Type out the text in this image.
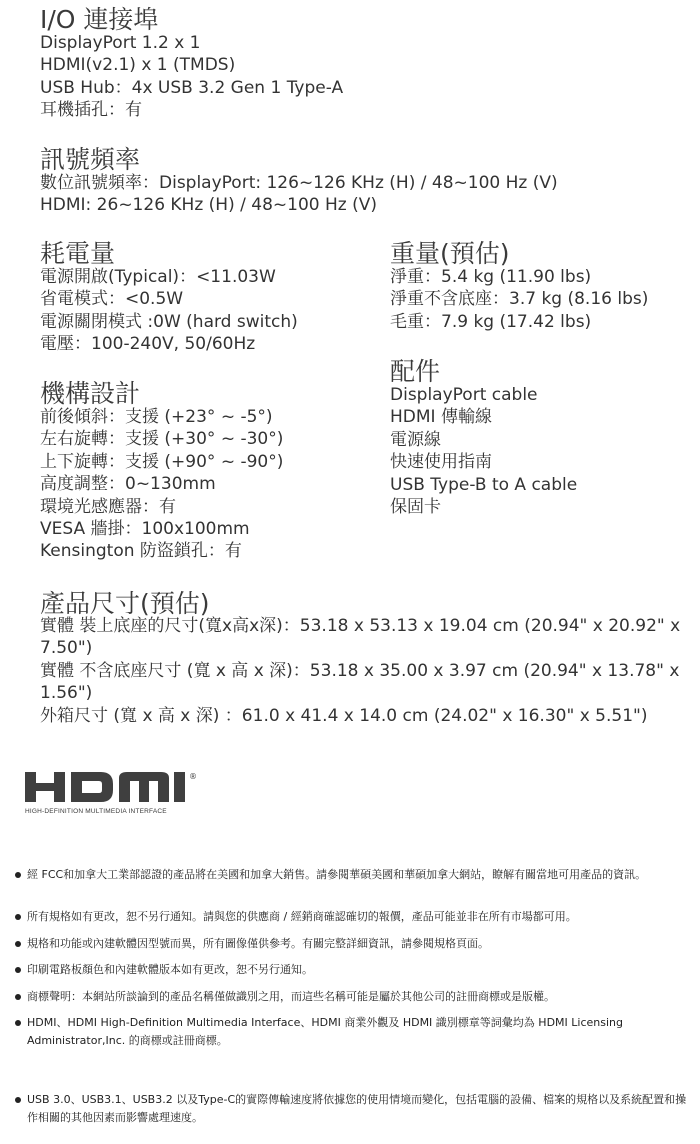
I/O 連接埠
DisplayPort 1.2 x 1
HDMI(v2.1) x 1 (TMDS)
USB Hub：4x USB 3.2 Gen 1 Type-A
耳機插孔：有
訊號頻率
數位訊號頻率：DisplayPort: 126~126 KHz (H) / 48~100 Hz (V)
HDMI: 26~126 KHz (H) / 48~100 Hz (V)
耗電量
電源開啟(Typical)：<11.03W
省電模式：<0.5W
電源關閉模式 :0W (hard switch)
電壓：100-240V, 50/60Hz
重量(預估)
淨重：5.4 kg (11.90 lbs)
淨重不含底座：3.7 kg (8.16 lbs)
毛重：7.9 kg (17.42 lbs)
配件
DisplayPort cable
HDMI 傳輸線
電源線
快速使用指南
USB Type-B to A cable
保固卡
機構設計
前後傾斜：支援 (+23° ~ -5°)
左右旋轉：支援 (+30° ~ -30°)
上下旋轉：支援 (+90° ~ -90°)
高度調整：0~130mm
環境光感應器：有
VESA 牆掛：100x100mm
Kensington 防盜鎖孔：有
產品尺寸(預估)
實體 裝上底座的尺寸(寬x高x深)：53.18 x 53.13 x 19.04 cm (20.94" x 20.92" x
7.50")
實體 不含底座尺寸 (寬 x 高 x 深)：53.18 x 35.00 x 3.97 cm (20.94" x 13.78" x
1.56")
外箱尺寸 (寬 x 高 x 深) ：61.0 x 41.4 x 14.0 cm (24.02" x 16.30" x 5.51")
®
HIGH-DEFINITION MULTIMEDIA INTERFACE
經 FCC和加拿大工業部認證的產品將在美國和加拿大銷售。請參閱華碩美國和華碩加拿大網站，瞭解有關當地可用產品的資訊。
所有規格如有更改，恕不另行通知。請與您的供應商 / 經銷商確認確切的報價，產品可能並非在所有市場都可用。
規格和功能或內建軟體因型號而異，所有圖像僅供參考。有關完整詳細資訊，請參閱規格頁面。
印刷電路板顏色和內建軟體版本如有更改，恕不另行通知。
商標聲明：本網站所談論到的產品名稱僅做識別之用，而這些名稱可能是屬於其他公司的註冊商標或是版權。
HDMI、HDMI High-Definition Multimedia Interface、HDMI 商業外觀及 HDMI 識別標章等詞彙均為 HDMI Licensing Administrator,Inc. 的商標或註冊商標。
USB 3.0、USB3.1、USB3.2 以及Type-C的實際傳輸速度將依據您的使用情境而變化，包括電腦的設備、檔案的規格以及系統配置和操作相關的其他因素而影響處理速度。
